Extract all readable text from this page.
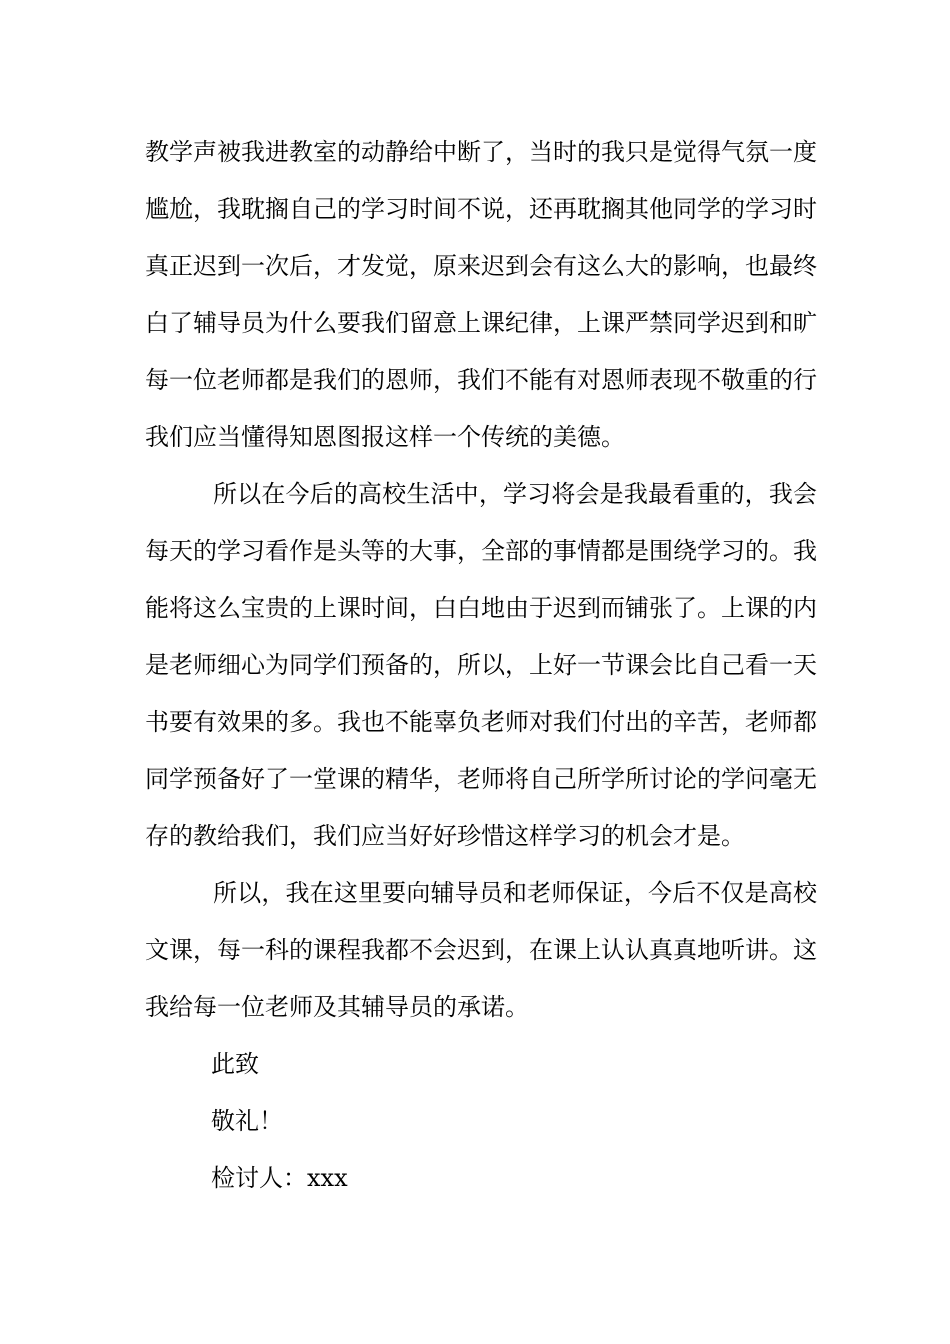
教学声被我进教室的动静给中断了，当时的我只是觉得气氛一度
尴尬，我耽搁自己的学习时间不说，还再耽搁其他同学的学习时
真正迟到一次后，才发觉，原来迟到会有这么大的影响，也最终
白了辅导员为什么要我们留意上课纪律，上课严禁同学迟到和旷
每一位老师都是我们的恩师，我们不能有对恩师表现不敬重的行
我们应当懂得知恩图报这样一个传统的美德。
所以在今后的高校生活中，学习将会是我最看重的，我会
每天的学习看作是头等的大事，全部的事情都是围绕学习的。我
能将这么宝贵的上课时间，白白地由于迟到而铺张了。上课的内
是老师细心为同学们预备的，所以，上好一节课会比自己看一天
书要有效果的多。我也不能辜负老师对我们付出的辛苦，老师都
同学预备好了一堂课的精华，老师将自己所学所讨论的学问毫无
存的教给我们，我们应当好好珍惜这样学习的机会才是。
所以，我在这里要向辅导员和老师保证，今后不仅是高校
文课，每一科的课程我都不会迟到，在课上认认真真地听讲。这
我给每一位老师及其辅导员的承诺。
此致
敬礼！
检讨人：xxx
